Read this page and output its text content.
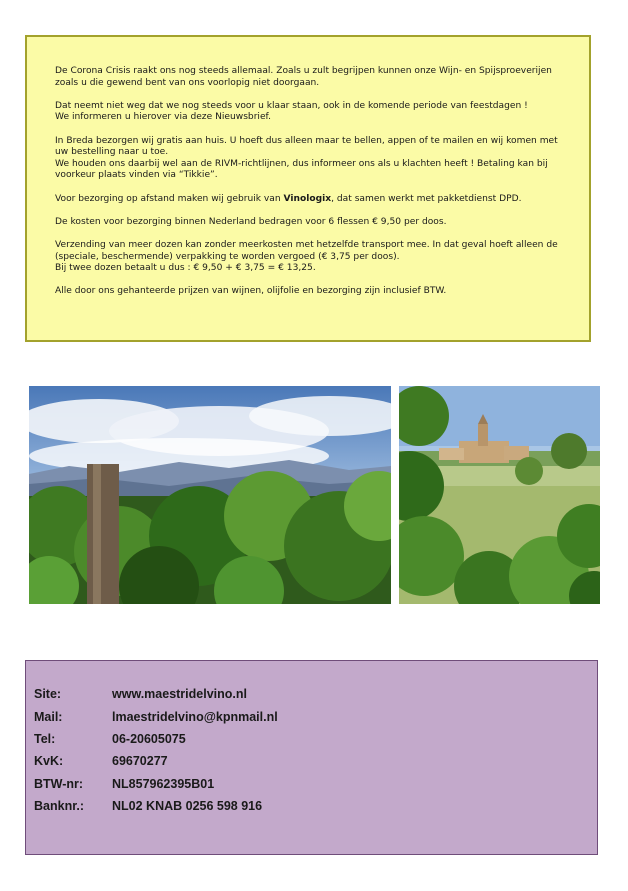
De Corona Crisis raakt ons nog steeds allemaal. Zoals u zult begrijpen kunnen onze Wijn- en Spijsproeverijen zoals u die gewend bent van ons voorlopig niet doorgaan.

Dat neemt niet weg dat we nog steeds voor u klaar staan, ook in de komende periode van feestdagen !
We informeren u hierover via deze Nieuwsbrief.

In Breda bezorgen wij gratis aan huis. U hoeft dus alleen maar te bellen, appen of te mailen en wij komen met uw bestelling naar u toe.
We houden ons daarbij wel aan de RIVM-richtlijnen, dus informeer ons als u klachten heeft ! Betaling kan bij voorkeur plaats vinden via “Tikkie”.

Voor bezorging op afstand maken wij gebruik van Vinologix, dat samen werkt met pakketdienst DPD.

De kosten voor bezorging binnen Nederland bedragen voor 6 flessen € 9,50 per doos.

Verzending van meer dozen kan zonder meerkosten met hetzelfde transport mee. In dat geval hoeft alleen de (speciale, beschermende) verpakking te worden vergoed (€ 3,75 per doos).
Bij twee dozen betaalt u dus : € 9,50 + € 3,75 = € 13,25.

Alle door ons gehanteerde prijzen van wijnen, olijfolie en bezorging zijn inclusief BTW.

Site:	www.maestridelvino.nl
Mail:	lmaestridelvino@kpnmail.nl
Tel:	06-20605075
KvK:	69670277
BTW-nr:	NL857962395B01
Banknr.:	NL02 KNAB 0256 598 916
